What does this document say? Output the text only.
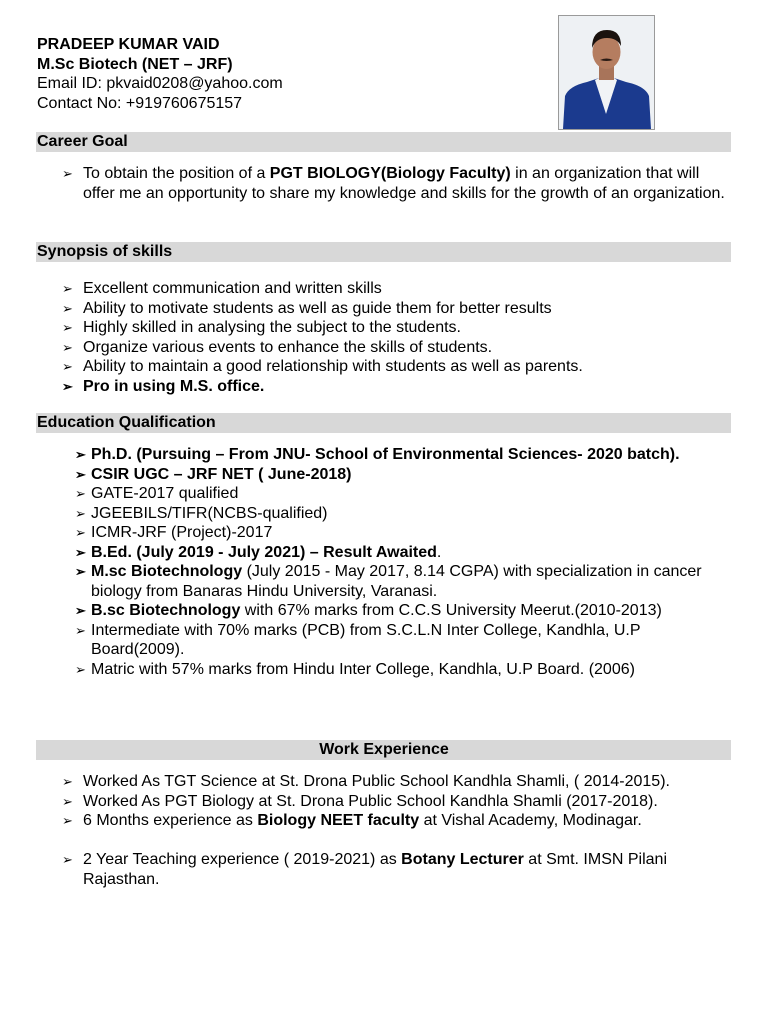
PRADEEP KUMAR VAID
M.Sc Biotech (NET – JRF)
Email ID: pkvaid0208@yahoo.com
Contact No: +919760675157
Career Goal
➢ To obtain the position of a PGT BIOLOGY(Biology Faculty) in an organization that will offer me an opportunity to share my knowledge and skills for the growth of an organization.
Synopsis of skills
➢ Excellent communication and written skills
➢ Ability to motivate students as well as guide them for better results
➢ Highly skilled in analysing the subject to the students.
➢ Organize various events to enhance the skills of students.
➢ Ability to maintain a good relationship with students as well as parents.
➢ Pro in using M.S. office.
Education Qualification
➢ Ph.D. (Pursuing – From JNU- School of Environmental Sciences- 2020 batch).
➢ CSIR UGC – JRF NET ( June-2018)
➢ GATE-2017 qualified
➢ JGEEBILS/TIFR(NCBS-qualified)
➢ ICMR-JRF (Project)-2017
➢ B.Ed. (July 2019 - July 2021) – Result Awaited.
➢ M.sc Biotechnology (July 2015 - May 2017, 8.14 CGPA) with specialization in cancer biology from Banaras Hindu University, Varanasi.
➢ B.sc Biotechnology with 67% marks from C.C.S University Meerut.(2010-2013)
➢ Intermediate with 70% marks (PCB) from S.C.L.N Inter College, Kandhla, U.P Board(2009).
➢ Matric with 57% marks from Hindu Inter College, Kandhla, U.P Board. (2006)
Work Experience
➢ Worked As TGT Science at St. Drona Public School Kandhla Shamli, ( 2014-2015).
➢ Worked As PGT Biology at St. Drona Public School Kandhla Shamli (2017-2018).
➢ 6 Months experience as Biology NEET faculty at Vishal Academy, Modinagar.
➢ 2 Year Teaching experience ( 2019-2021) as Botany Lecturer at Smt. IMSN Pilani Rajasthan.
